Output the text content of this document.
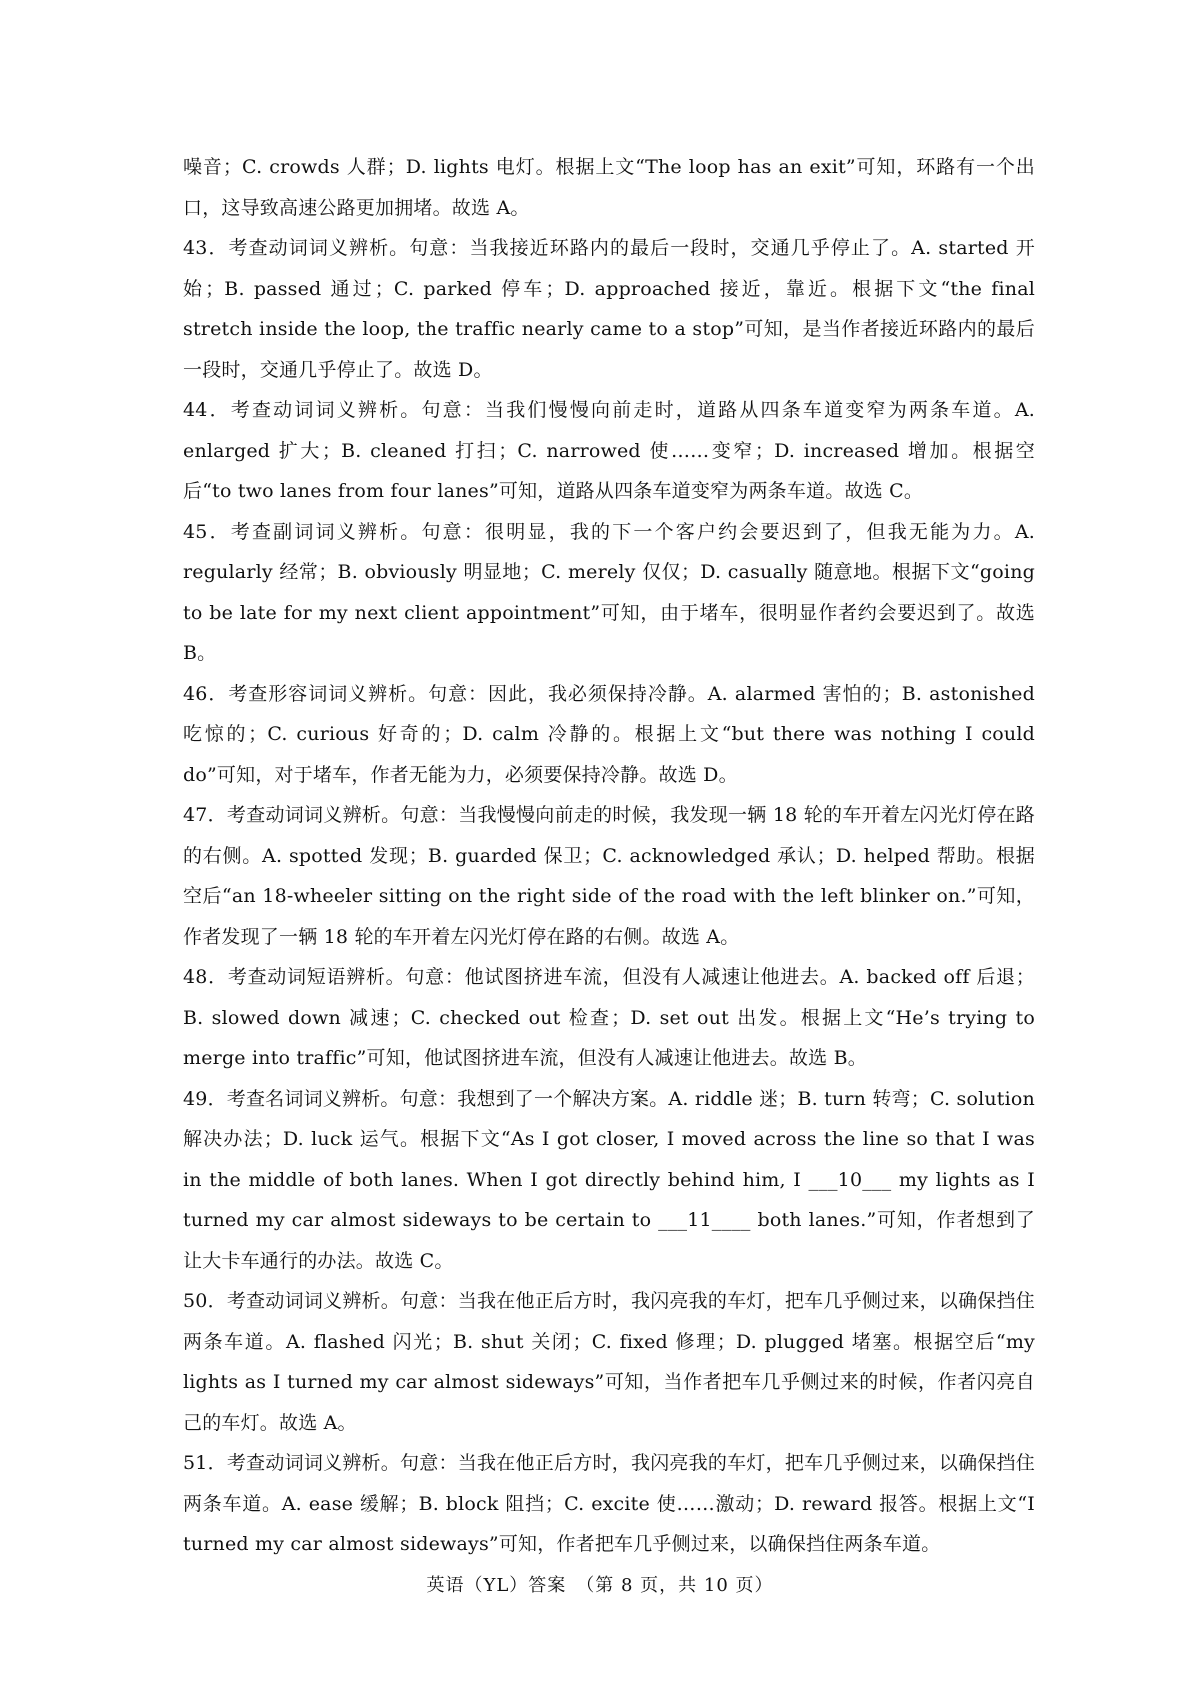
噪音；C. crowds 人群；D. lights 电灯。根据上文“The loop has an exit”可知，环路有一个出口，这导致高速公路更加拥堵。故选 A。

43．考查动词词义辨析。句意：当我接近环路内的最后一段时，交通几乎停止了。A. started 开始；B. passed 通过；C. parked 停车；D. approached 接近，靠近。根据下文“the final stretch inside the loop, the traffic nearly came to a stop”可知，是当作者接近环路内的最后一段时，交通几乎停止了。故选 D。

44．考查动词词义辨析。句意：当我们慢慢向前走时，道路从四条车道变窄为两条车道。A. enlarged 扩大；B. cleaned 打扫；C. narrowed 使……变窄；D. increased 增加。根据空后“to two lanes from four lanes”可知，道路从四条车道变窄为两条车道。故选 C。

45．考查副词词义辨析。句意：很明显，我的下一个客户约会要迟到了，但我无能为力。A. regularly 经常；B. obviously 明显地；C. merely 仅仅；D. casually 随意地。根据下文“going to be late for my next client appointment”可知，由于堵车，很明显作者约会要迟到了。故选 B。

46．考查形容词词义辨析。句意：因此，我必须保持冷静。A. alarmed 害怕的；B. astonished 吃惊的；C. curious 好奇的；D. calm 冷静的。根据上文“but there was nothing I could do”可知，对于堵车，作者无能为力，必须要保持冷静。故选 D。

47．考查动词词义辨析。句意：当我慢慢向前走的时候，我发现一辆 18 轮的车开着左闪光灯停在路的右侧。A. spotted 发现；B. guarded 保卫；C. acknowledged 承认；D. helped 帮助。根据空后“an 18-wheeler sitting on the right side of the road with the left blinker on.”可知，作者发现了一辆 18 轮的车开着左闪光灯停在路的右侧。故选 A。

48．考查动词短语辨析。句意：他试图挤进车流，但没有人减速让他进去。A. backed off 后退；B. slowed down 减速；C. checked out 检查；D. set out 出发。根据上文“He’s trying to merge into traffic”可知，他试图挤进车流，但没有人减速让他进去。故选 B。

49．考查名词词义辨析。句意：我想到了一个解决方案。A. riddle 迷；B. turn 转弯；C. solution 解决办法；D. luck 运气。根据下文“As I got closer, I moved across the line so that I was in the middle of both lanes. When I got directly behind him, I ___10___ my lights as I turned my car almost sideways to be certain to ___11____ both lanes.”可知，作者想到了让大卡车通行的办法。故选 C。

50．考查动词词义辨析。句意：当我在他正后方时，我闪亮我的车灯，把车几乎侧过来，以确保挡住两条车道。A. flashed 闪光；B. shut 关闭；C. fixed 修理；D. plugged 堵塞。根据空后“my lights as I turned my car almost sideways”可知，当作者把车几乎侧过来的时候，作者闪亮自己的车灯。故选 A。

51．考查动词词义辨析。句意：当我在他正后方时，我闪亮我的车灯，把车几乎侧过来，以确保挡住两条车道。A. ease 缓解；B. block 阻挡；C. excite 使……激动；D. reward 报答。根据上文“I turned my car almost sideways”可知，作者把车几乎侧过来，以确保挡住两条车道。

英语（YL）答案　（第 8 页，共 10 页）
